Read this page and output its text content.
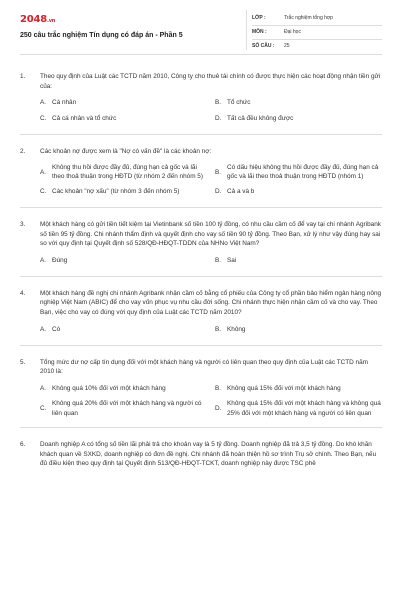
2048.vn
250 câu trắc nghiệm Tín dụng có đáp án - Phần 5
LỚP :	Trắc nghiệm tổng hợp
MÔN :	Đại học
SỐ CÂU :	25
1.	Theo quy định của Luật các TCTD năm 2010, Công ty cho thuê tài chính có được thực hiện các hoạt động nhận tiền gửi của:
A. Cá nhân	B. Tổ chức
C. Cả cá nhân và tổ chức	D. Tất cả đều không được
2.	Các khoản nợ được xem là "Nợ có vấn đề" là các khoản nợ:
A.
Không thu hồi được đầy đủ, đúng hạn cả gốc và lãi theo thoả thuận trong HĐTD (từ nhóm 2 đến nhóm 5)
B.
Có dấu hiệu không thu hồi được đầy đủ, đúng hạn cả gốc và lãi theo thoả thuận trong HĐTD (nhóm 1)
C. Các khoản "nợ xấu" (từ nhóm 3 đến nhóm 5)	D. Cả a và b
3.	Một khách hàng có gửi tiền tiết kiệm tại Vietinbank số tiền 100 tỷ đồng, có nhu cầu cầm cố để vay tại chi nhánh Agribank số tiền 95 tỷ đồng. Chi nhánh thẩm định và quyết định cho vay số tiền 90 tỷ đồng. Theo Bạn, xử lý như vậy đúng hay sai so với quy định tại Quyết định số 528/QĐ-HĐQT-TDDN của NHNo Việt Nam?
A. Đúng	B. Sai
4.	Một khách hàng đề nghị chi nhánh Agribank nhận cầm cố bằng cổ phiếu của Công ty cổ phần bảo hiểm ngân hàng nông nghiệp Việt Nam (ABIC) để cho vay vốn phục vụ nhu cầu đời sống. Chi nhánh thực hiện nhận cầm cố và cho vay. Theo Bạn, việc cho vay có đúng với quy định của Luật các TCTD năm 2010?
A. Có	B. Không
5.	Tổng mức dư nợ cấp tín dụng đối với một khách hàng và người có liên quan theo quy định của Luật các TCTD năm 2010 là:
A. Không quá 10% đối với một khách hàng	B. Không quá 15% đối với một khách hàng
C.
Không quá 20% đối với một khách hàng và người có liên quan
D.
Không quá 15% đối với một khách hàng và không quá 25% đối với một khách hàng và người có liên quan
6.	Doanh nghiệp A có tổng số tiền lãi phải trả cho khoản vay là 5 tỷ đồng. Doanh nghiệp đã trả 3,5 tỷ đồng. Do khó khăn khách quan về SXKD, doanh nghiệp có đơn đề nghị. Chi nhánh đã hoàn thiện hồ sơ trình Trụ sở chính. Theo Bạn, nếu đủ điều kiện theo quy định tại Quyết định 513/QĐ-HĐQT-TCKT, doanh nghiệp này được TSC phê
